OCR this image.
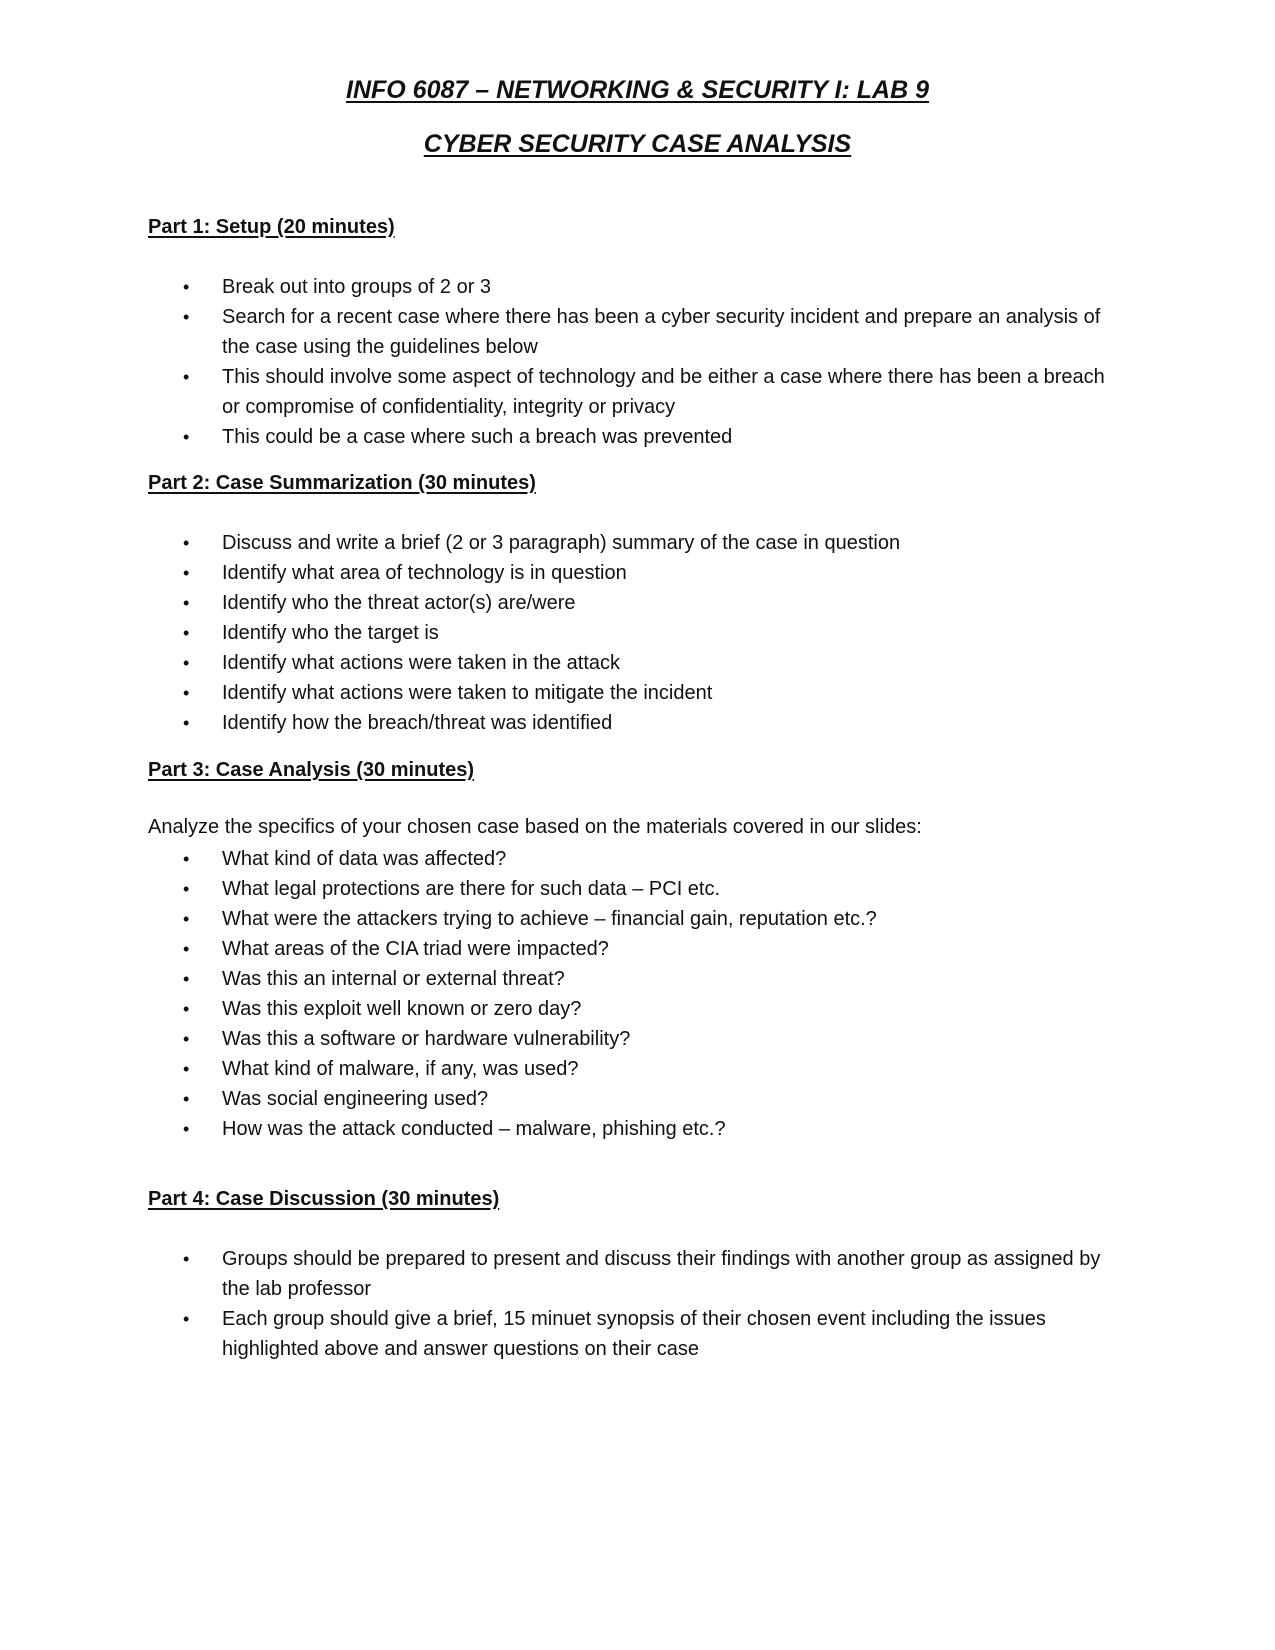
INFO 6087 – NETWORKING & SECURITY I: LAB 9
CYBER SECURITY CASE ANALYSIS
Part 1: Setup (20 minutes)
• Break out into groups of 2 or 3
• Search for a recent case where there has been a cyber security incident and prepare an analysis of the case using the guidelines below
• This should involve some aspect of technology and be either a case where there has been a breach or compromise of confidentiality, integrity or privacy
• This could be a case where such a breach was prevented
Part 2: Case Summarization (30 minutes)
• Discuss and write a brief (2 or 3 paragraph) summary of the case in question
• Identify what area of technology is in question
• Identify who the threat actor(s) are/were
• Identify who the target is
• Identify what actions were taken in the attack
• Identify what actions were taken to mitigate the incident
• Identify how the breach/threat was identified
Part 3: Case Analysis (30 minutes)
Analyze the specifics of your chosen case based on the materials covered in our slides:
• What kind of data was affected?
• What legal protections are there for such data – PCI etc.
• What were the attackers trying to achieve – financial gain, reputation etc.?
• What areas of the CIA triad were impacted?
• Was this an internal or external threat?
• Was this exploit well known or zero day?
• Was this a software or hardware vulnerability?
• What kind of malware, if any, was used?
• Was social engineering used?
• How was the attack conducted – malware, phishing etc.?
Part 4: Case Discussion (30 minutes)
• Groups should be prepared to present and discuss their findings with another group as assigned by the lab professor
• Each group should give a brief, 15 minuet synopsis of their chosen event including the issues highlighted above and answer questions on their case
